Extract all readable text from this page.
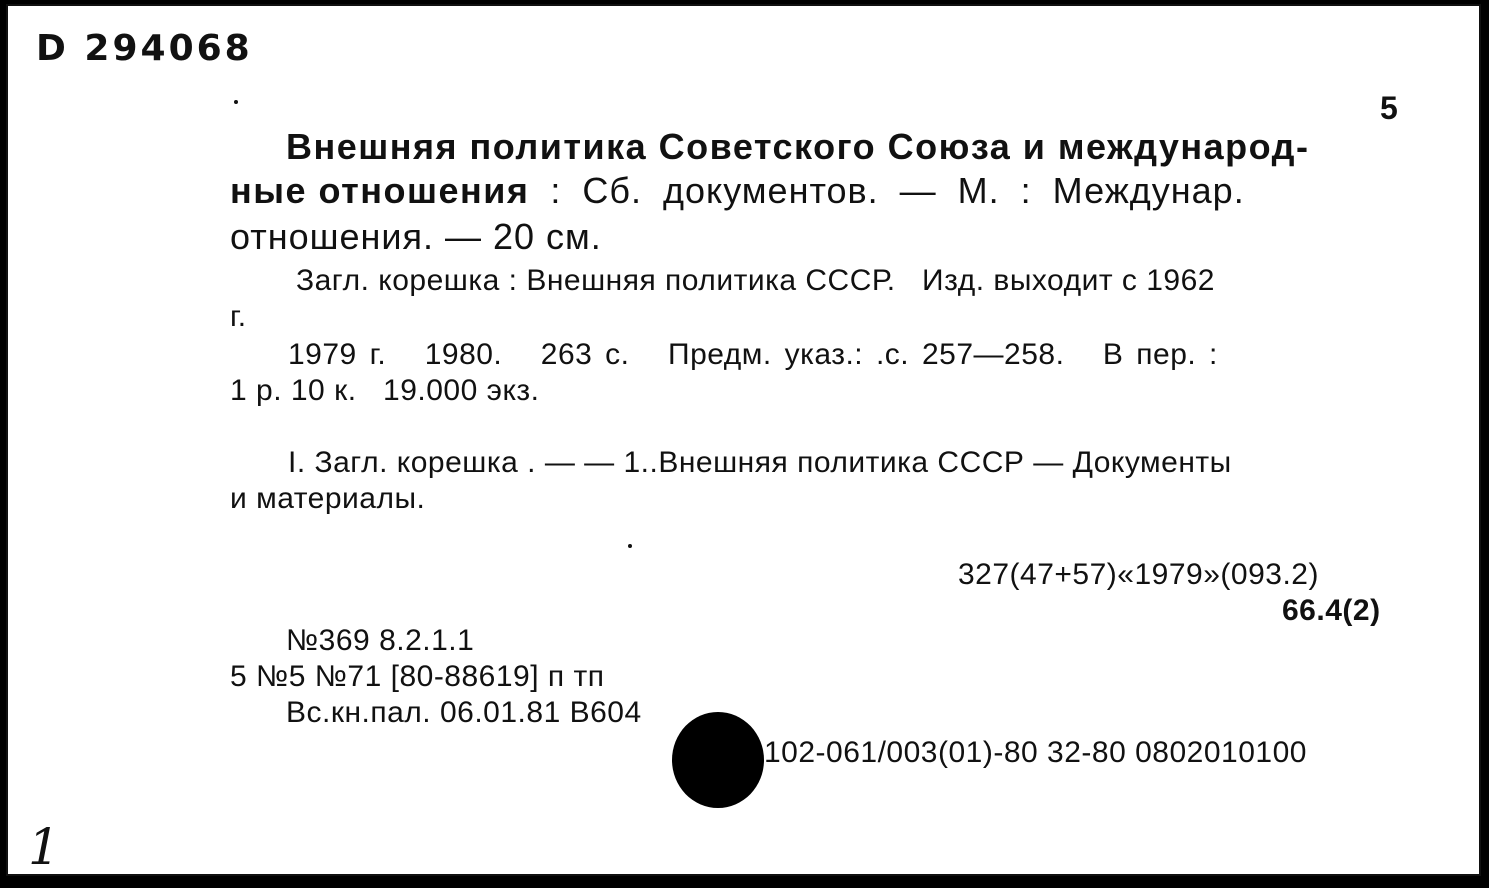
D 294068
5
Внешняя политика Советского Союза и международ-
ные отношения : Сб. документов. — М. : Междунар.
отношения. — 20 см.
Загл. корешка : Внешняя политика СССР.   Изд. выходит с 1962
г.
1979 г.   1980.   263 с.   Предм. указ.: .с. 257—258.   В пер. :
1 р. 10 к.   19.000 экз.
I. Загл. корешка . — — 1..Внешняя политика СССР — Документы
и материалы.
327(47+57)«1979»(093.2)
66.4(2)
№369 8.2.1.1
5 №5 №71 [80-88619] п тп
Вс.кн.пал. 06.01.81 В604
102-061/003(01)-80 32-80 0802010100
1
